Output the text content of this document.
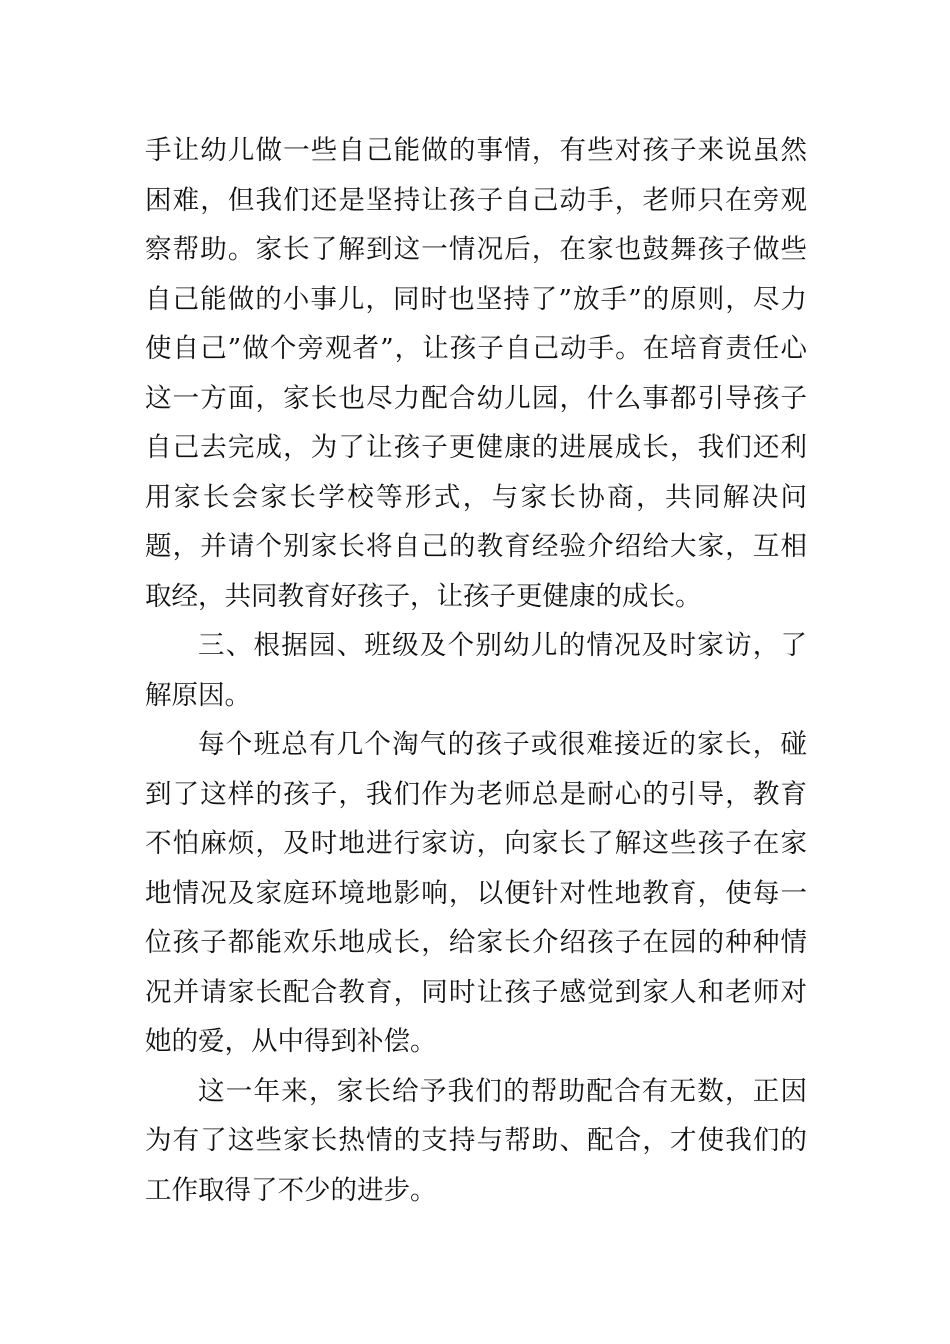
手让幼儿做一些自己能做的事情，有些对孩子来说虽然困难，但我们还是坚持让孩子自己动手，老师只在旁观察帮助。家长了解到这一情况后，在家也鼓舞孩子做些自己能做的小事儿，同时也坚持了”放手”的原则，尽力使自己”做个旁观者”，让孩子自己动手。在培育责任心这一方面，家长也尽力配合幼儿园，什么事都引导孩子自己去完成，为了让孩子更健康的进展成长，我们还利用家长会家长学校等形式，与家长协商，共同解决问题，并请个别家长将自己的教育经验介绍给大家，互相取经，共同教育好孩子，让孩子更健康的成长。

三、根据园、班级及个别幼儿的情况及时家访，了解原因。

每个班总有几个淘气的孩子或很难接近的家长，碰到了这样的孩子，我们作为老师总是耐心的引导，教育不怕麻烦，及时地进行家访，向家长了解这些孩子在家地情况及家庭环境地影响，以便针对性地教育，使每一位孩子都能欢乐地成长，给家长介绍孩子在园的种种情况并请家长配合教育，同时让孩子感觉到家人和老师对她的爱，从中得到补偿。

这一年来，家长给予我们的帮助配合有无数，正因为有了这些家长热情的支持与帮助、配合，才使我们的工作取得了不少的进步。
